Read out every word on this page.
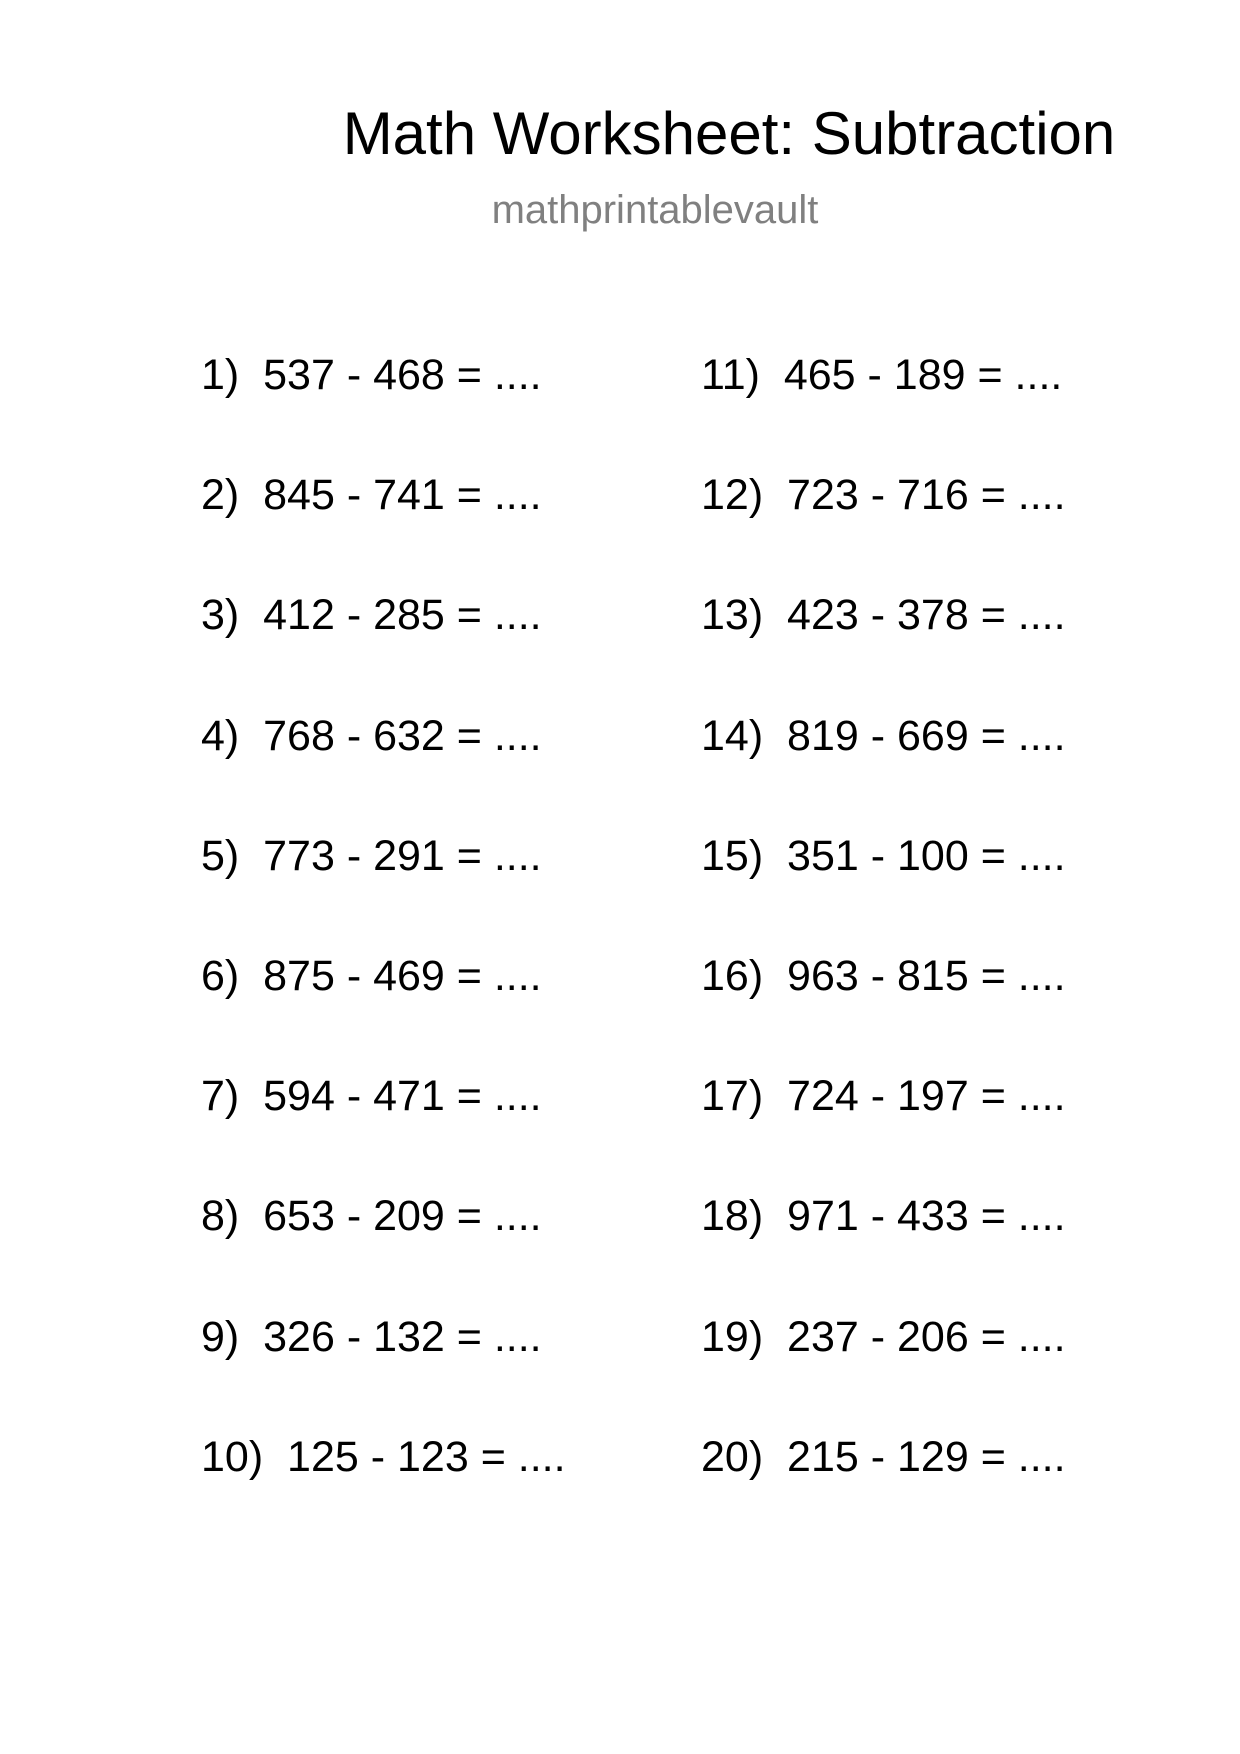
Math Worksheet: Subtraction
mathprintablevault
1)  537 - 468 = ....
2)  845 - 741 = ....
3)  412 - 285 = ....
4)  768 - 632 = ....
5)  773 - 291 = ....
6)  875 - 469 = ....
7)  594 - 471 = ....
8)  653 - 209 = ....
9)  326 - 132 = ....
10)  125 - 123 = ....
11)  465 - 189 = ....
12)  723 - 716 = ....
13)  423 - 378 = ....
14)  819 - 669 = ....
15)  351 - 100 = ....
16)  963 - 815 = ....
17)  724 - 197 = ....
18)  971 - 433 = ....
19)  237 - 206 = ....
20)  215 - 129 = ....
